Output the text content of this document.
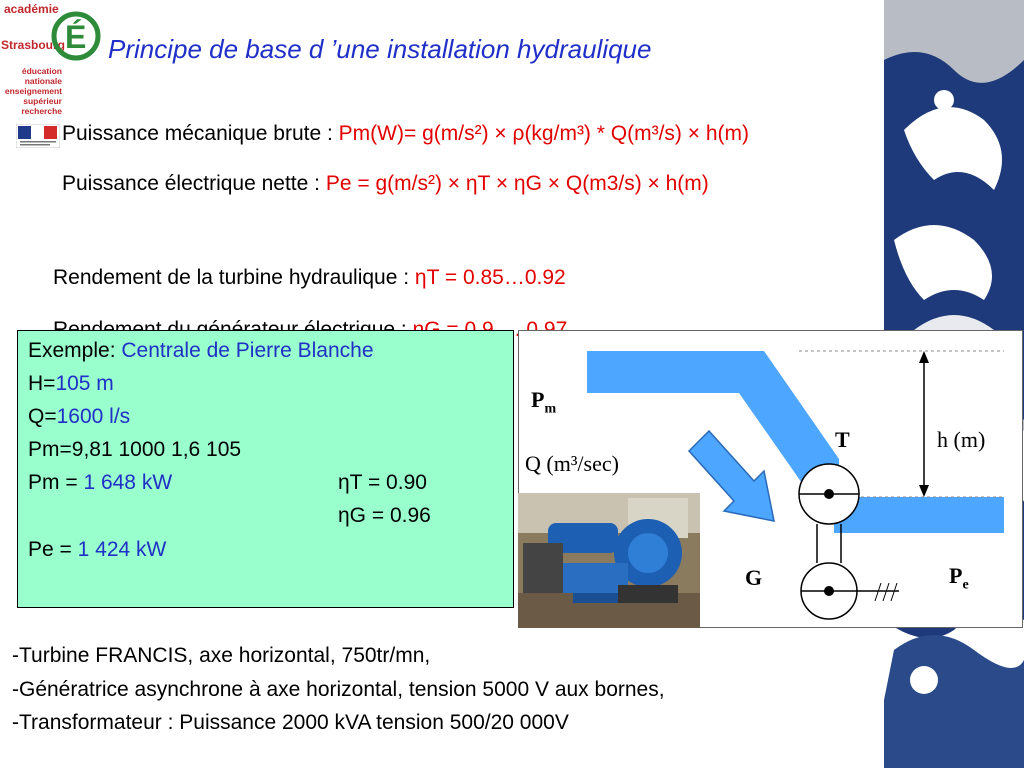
académie
Strasbourg É
éducation
nationale
enseignement
supérieur
recherche
Principe de base d ’une installation hydraulique
Puissance mécanique brute : Pm(W)= g(m/s²) × ρ(kg/m³) * Q(m³/s) × h(m)
Puissance électrique nette : Pe = g(m/s²) × ηT × ηG × Q(m3/s) × h(m)
Rendement de la turbine hydraulique : ηT = 0.85…0.92
0.9…..0.97
Exemple: Centrale de Pierre Blanche
H=105 m
Q=1600 l/s
Pm=9,81 1000 1,6 105
Pm = 1 648 kW	ηT = 0.90
ηG = 0.96
Pe = 1 424 kW
$P_m$
Q (m³/sec)
T	h (m)
G	$P_e$
-Turbine FRANCIS, axe horizontal, 750tr/mn,
-Génératrice asynchrone à axe horizontal, tension 5000 V aux bornes,
-Transformateur : Puissance 2000 kVA tension 500/20 000V
